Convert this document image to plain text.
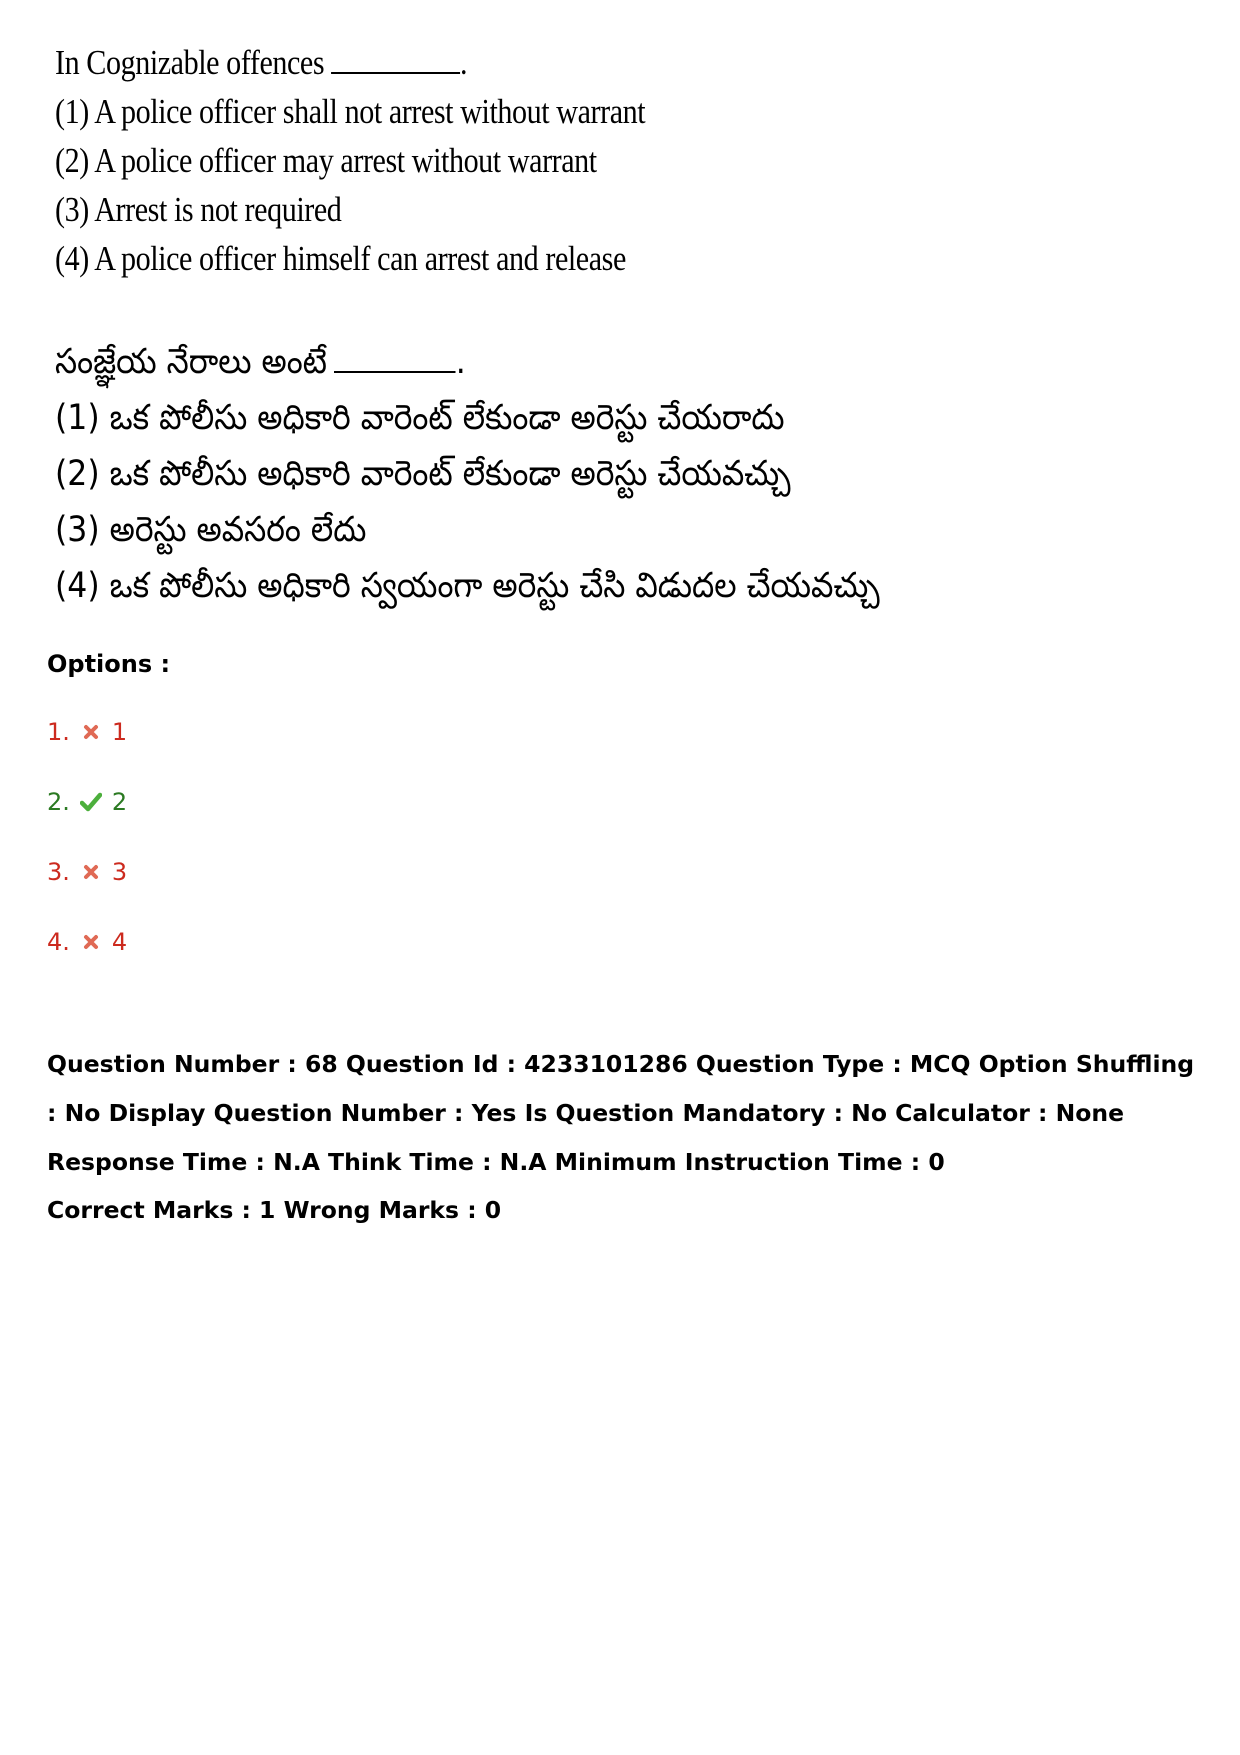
In Cognizable offences	.
(1) A police officer shall not arrest without warrant
(2) A police officer may arrest without warrant
(3) Arrest is not required
(4) A police officer himself can arrest and release
సంజ్ఞేయ నేరాలు అంటే	.
(1) ఒక పోలీసు అధికారి వారెంట్ లేకుండా అరెస్టు చేయరాదు
(2) ఒక పోలీసు అధికారి వారెంట్ లేకుండా అరెస్టు చేయవచ్చు
(3) అరెస్టు అవసరం లేదు
(4) ఒక పోలీసు అధికారి స్వయంగా అరెస్టు చేసి విడుదల చేయవచ్చు
Options :
1. 1
2. 2
3. 3
4. 4
Question Number : 68 Question Id : 4233101286 Question Type : MCQ Option Shuffling : No Display Question Number : Yes Is Question Mandatory : No Calculator : None Response Time : N.A Think Time : N.A Minimum Instruction Time : 0
Correct Marks : 1 Wrong Marks : 0
